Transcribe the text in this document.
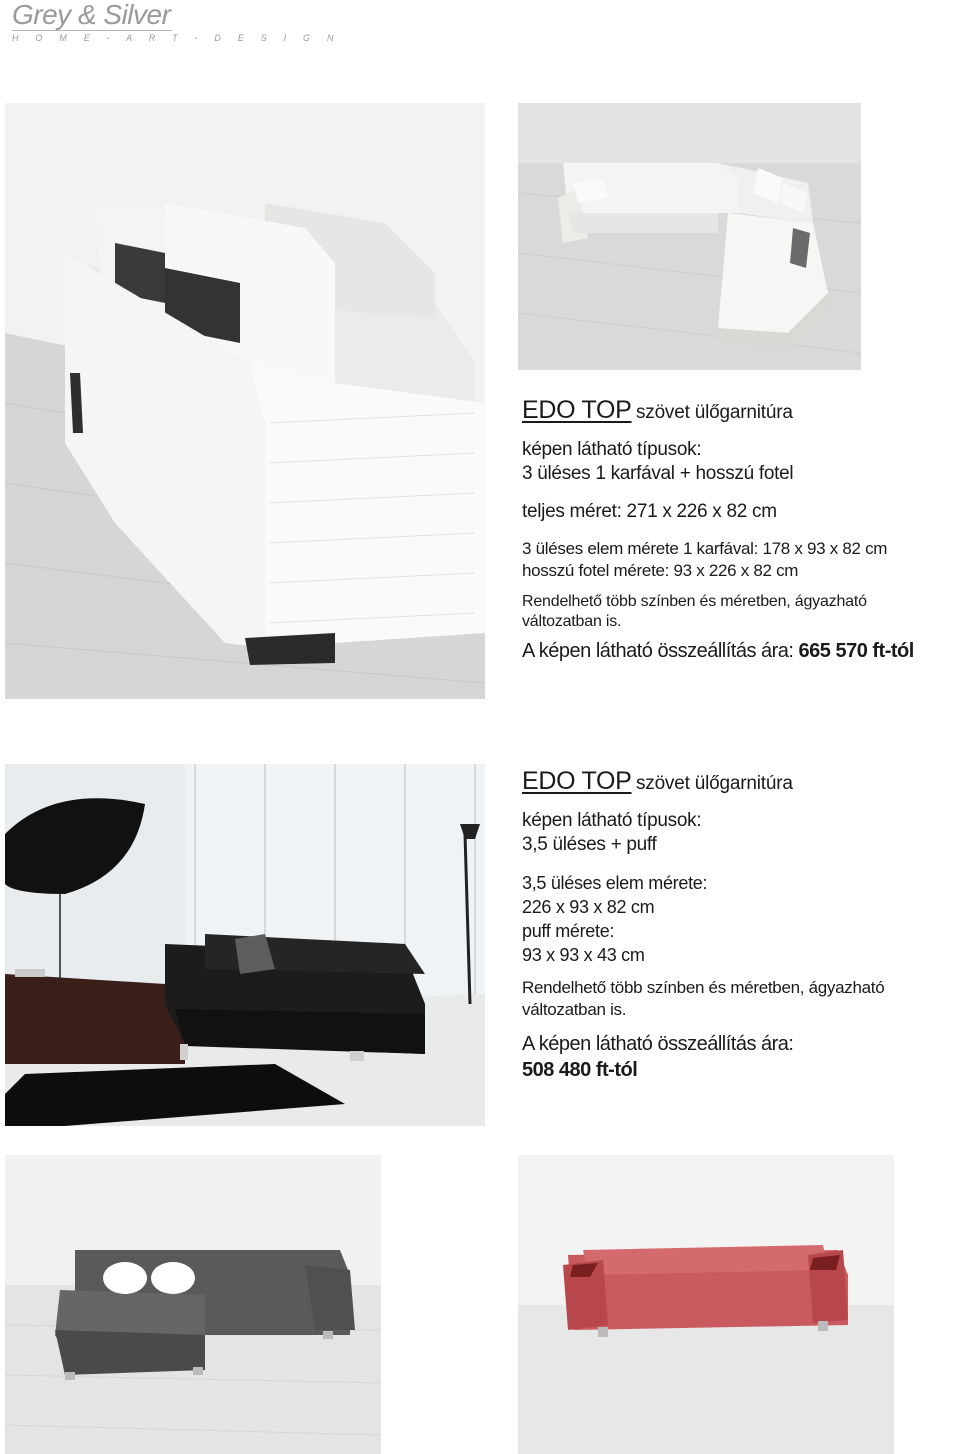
Grey & Silver
H O M E - A R T - D E S I G N
EDO TOP szövet ülőgarnitúra
képen látható típusok:
3 üléses 1 karfával + hosszú fotel
teljes méret: 271 x 226 x 82 cm
3 üléses elem mérete 1 karfával: 178 x 93 x 82 cm
hosszú fotel mérete: 93 x 226 x 82 cm
Rendelhető több színben és méretben, ágyazható
változatban is.
A képen látható összeállítás ára: 665 570 ft-tól
EDO TOP szövet ülőgarnitúra
képen látható típusok:
3,5 üléses + puff
3,5 üléses elem mérete:
226 x 93 x 82 cm
puff mérete:
93 x 93 x 43 cm
Rendelhető több színben és méretben, ágyazható
változatban is.
A képen látható összeállítás ára:
508 480 ft-tól
